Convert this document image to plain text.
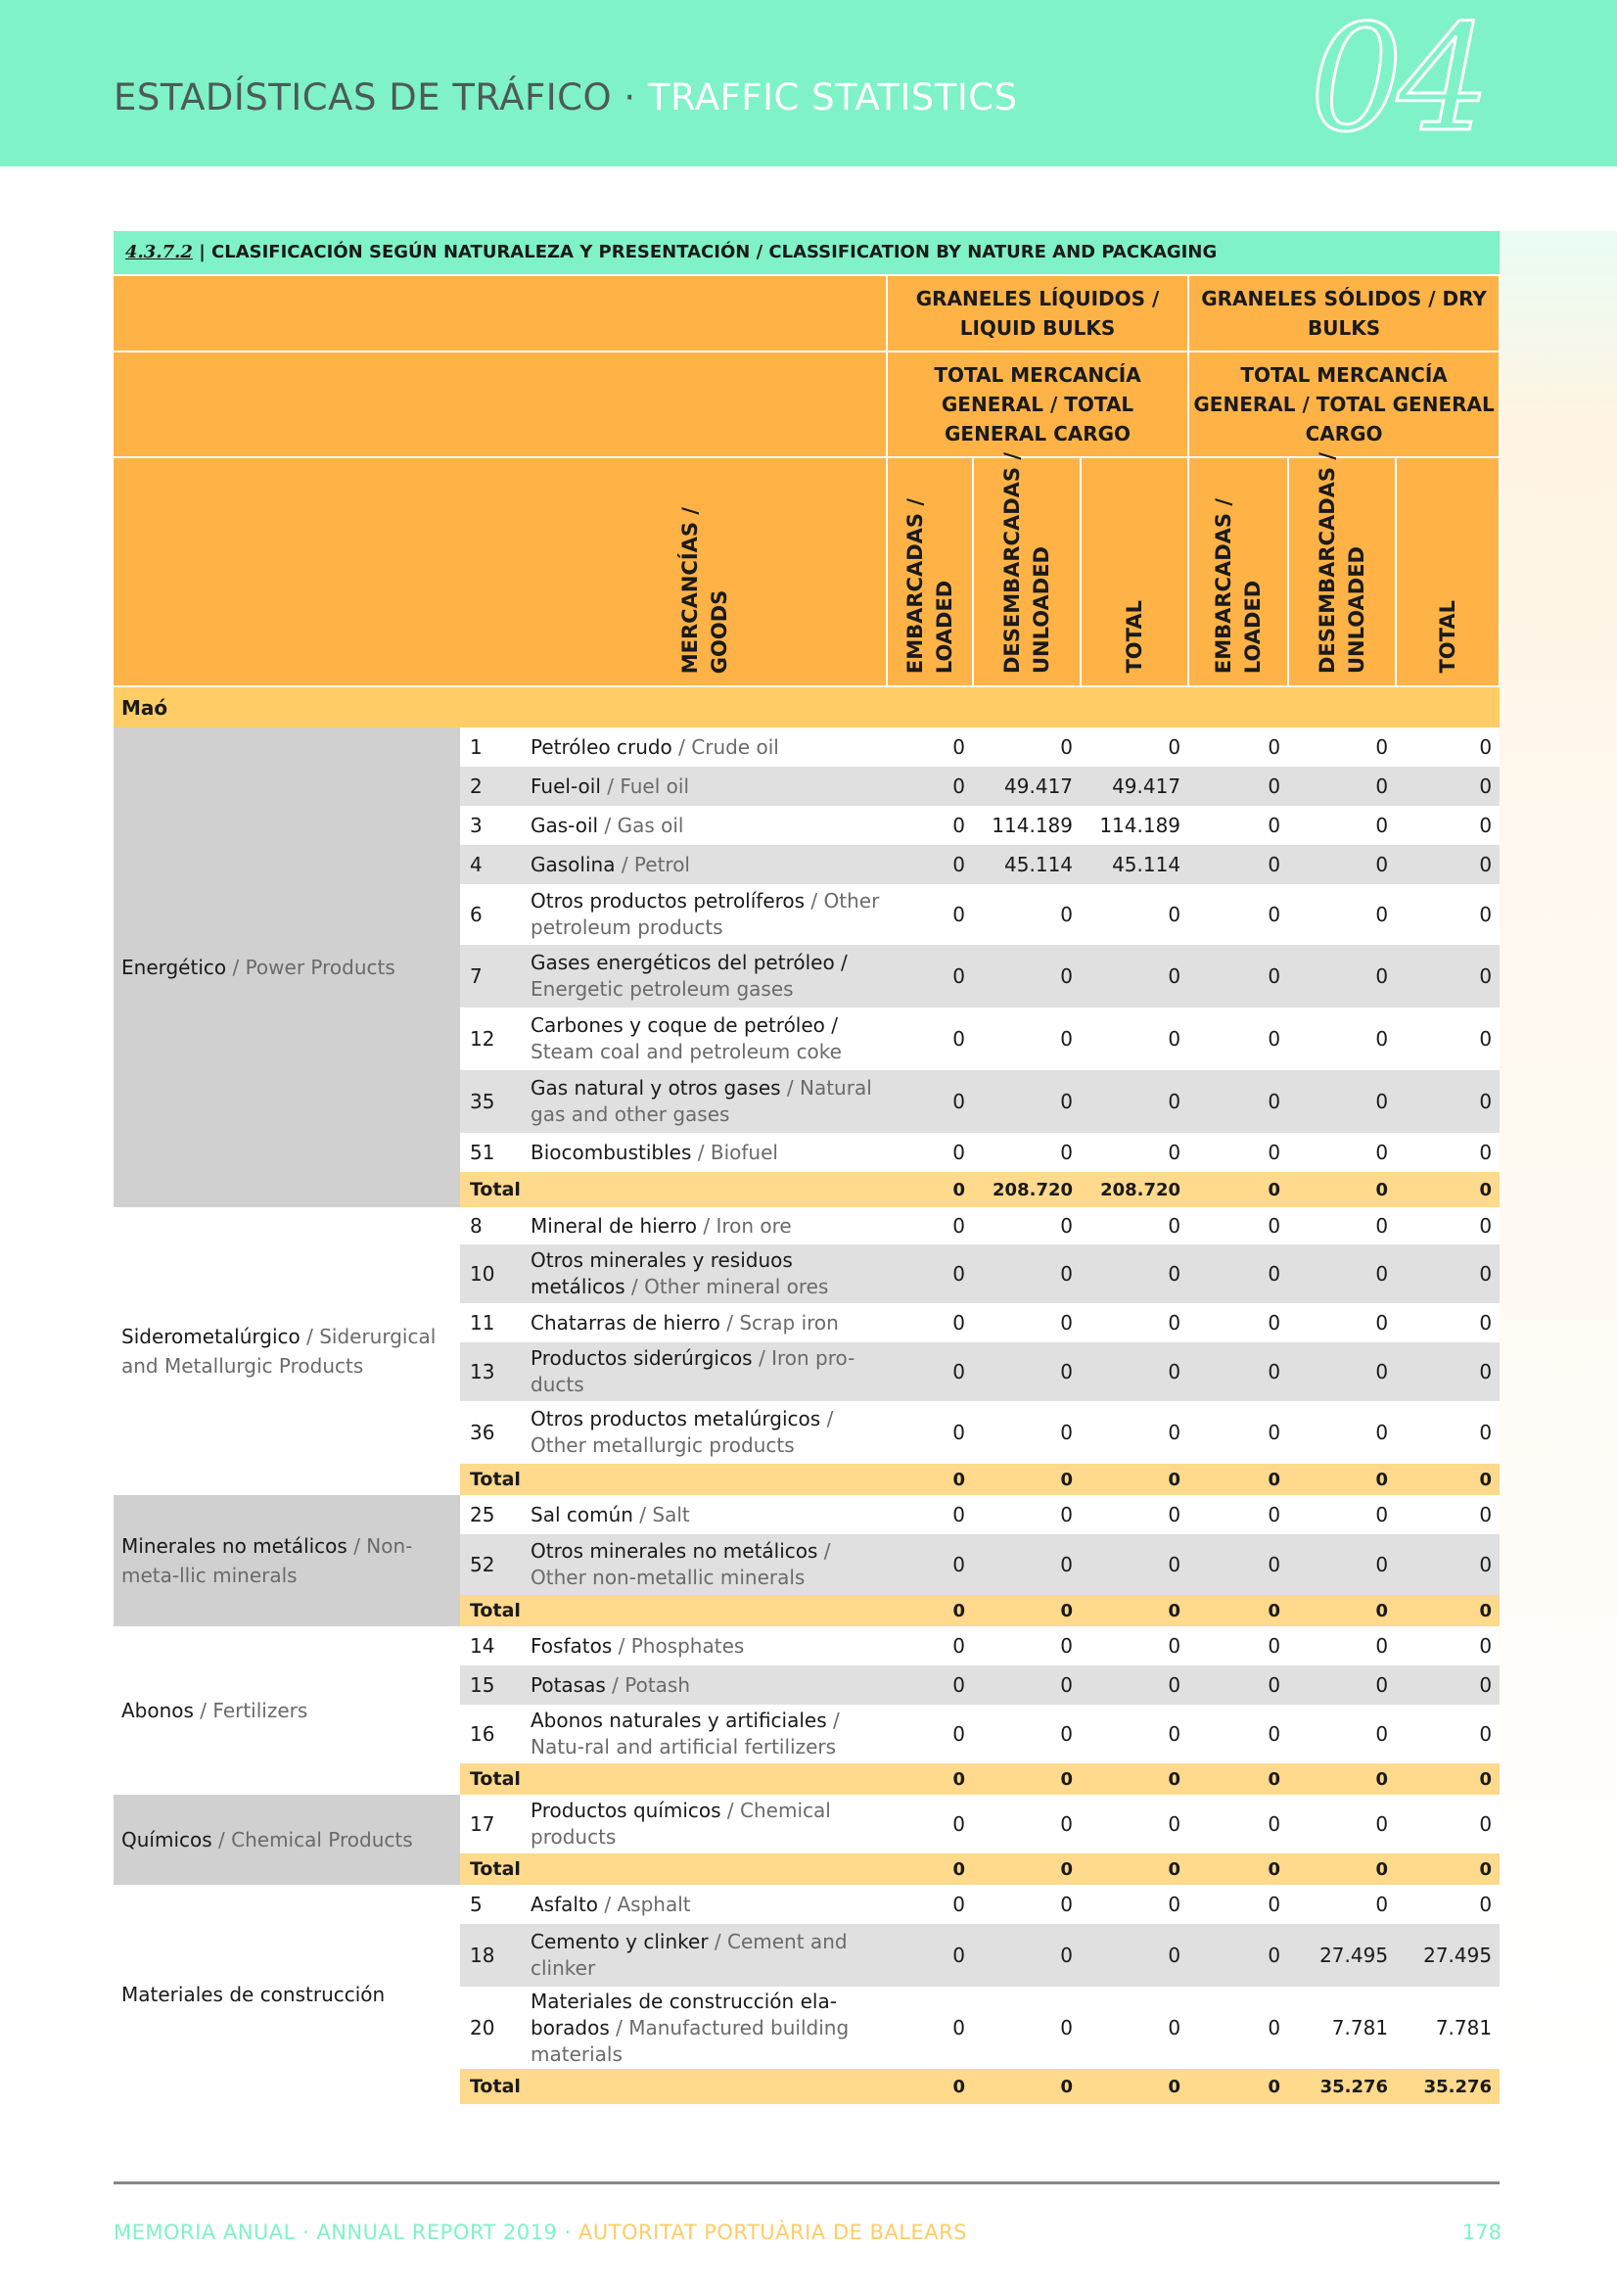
ESTADÍSTICAS DE TRÁFICO · TRAFFIC STATISTICS 04
4.3.7.2 | CLASIFICACIÓN SEGÚN NATURALEZA Y PRESENTACIÓN / CLASSIFICATION BY NATURE AND PACKAGING
			GRANELES LÍQUIDOS / LIQUID BULKS			GRANELES SÓLIDOS / DRY BULKS		
			TOTAL MERCANCÍA GENERAL / TOTAL GENERAL CARGO			TOTAL MERCANCÍA GENERAL / TOTAL GENERAL CARGO		

MERCANCÍAS / GOODS			EMBARCADAS / LOADED	DESEMBARCADAS / UNLOADED	TOTAL	EMBARCADAS / LOADED	DESEMBARCADAS / UNLOADED	TOTAL

Maó								
Energético / Power Products	1	Petróleo crudo / Crude oil	0	0	0	0	0	0
	2	Fuel-oil / Fuel oil	0	49.417	49.417	0	0	0
	3	Gas-oil / Gas oil	0	114.189	114.189	0	0	0
	4	Gasolina / Petrol	0	45.114	45.114	0	0	0
	6	Otros productos petrolíferos / Other petroleum products	0	0	0	0	0	0
	7	Gases energéticos del petróleo / Energetic petroleum gases	0	0	0	0	0	0
	12	Carbones y coque de petróleo / Steam coal and petroleum coke	0	0	0	0	0	0
	35	Gas natural y otros gases / Natural gas and other gases	0	0	0	0	0	0
	51	Biocombustibles / Biofuel	0	0	0	0	0	0
	Total		0	208.720	208.720	0	0	0
Siderometalúrgico / Siderurgical and Metallurgic Products	8	Mineral de hierro / Iron ore	0	0	0	0	0	0
	10	Otros minerales y residuos metálicos / Other mineral ores	0	0	0	0	0	0
	11	Chatarras de hierro / Scrap iron	0	0	0	0	0	0
	13	Productos siderúrgicos / Iron pro-ducts	0	0	0	0	0	0
	36	Otros productos metalúrgicos / Other metallurgic products	0	0	0	0	0	0
	Total		0	0	0	0	0	0
Minerales no metálicos / Non-meta-llic minerals	25	Sal común / Salt	0	0	0	0	0	0
	52	Otros minerales no metálicos / Other non-metallic minerals	0	0	0	0	0	0
	Total		0	0	0	0	0	0
Abonos / Fertilizers	14	Fosfatos / Phosphates	0	0	0	0	0	0
	15	Potasas / Potash	0	0	0	0	0	0
	16	Abonos naturales y artificiales / Natu-ral and artificial fertilizers	0	0	0	0	0	0
	Total		0	0	0	0	0	0
Químicos / Chemical Products	17	Productos químicos / Chemical products	0	0	0	0	0	0
	Total		0	0	0	0	0	0
Materiales de construcción	5	Asfalto / Asphalt	0	0	0	0	0	0
	18	Cemento y clinker / Cement and clinker	0	0	0	0	27.495	27.495
	20	Materiales de construcción ela-borados / Manufactured building materials	0	0	0	0	7.781	7.781
	Total		0	0	0	0	35.276	35.276
MEMORIA ANUAL · ANNUAL REPORT 2019 · AUTORITAT PORTUÀRIA DE BALEARS	178
